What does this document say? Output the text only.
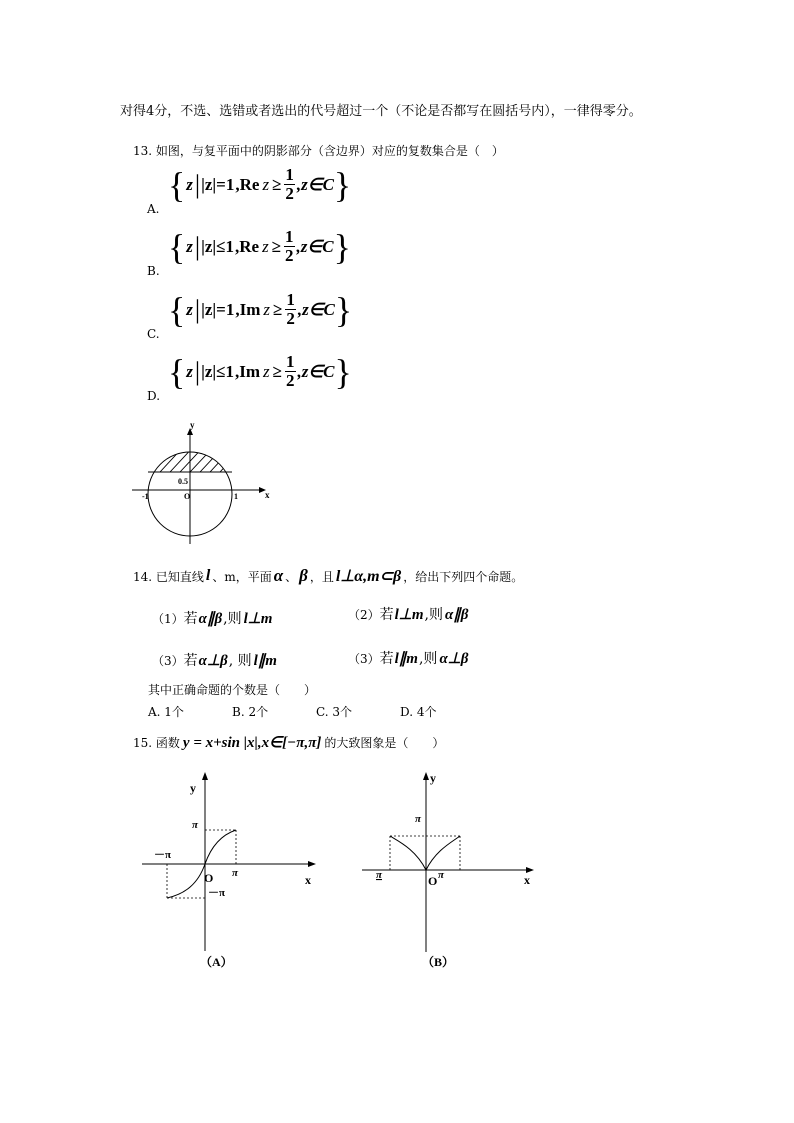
对得4分，不选、选错或者选出的代号超过一个（不论是否都写在圆括号内），一律得零分。
13. 如图，与复平面中的阴影部分（含边界）对应的复数集合是（　）
A.
{ z | |z|=1 , Re $z \ge \frac{1}{2}$ ,z∈C }
B.
{ z | |z|≤1 , Re $z \ge \frac{1}{2}$ ,z∈C }
C.
{ z | |z|=1 , Im $z \ge \frac{1}{2}$ ,z∈C }
D.
{ z | |z|≤1 , Im $z \ge \frac{1}{2}$ ,z∈C }
y
x
0.5
O
-1	1
14. 已知直线 l 、m，平面 α 、 β ，且 l⊥α,m⊂β ，给出下列四个命题。
（1） 若 α∥β ,则 l⊥m	（2） 若 l⊥m ,则 α∥β
（3） 若 α⊥β , 则 l∥m	（3） 若 l∥m ,则 α⊥β
其中正确命题的个数是（　　）
A. 1个	B. 2个	C. 3个	D. 4个
15. 函数 y = x+sin |x|,x∈[−π,π] 的大致图象是（　　）
y
x
π
－π
O π
－π
（A）
y
x
π
π	O π
（B）
